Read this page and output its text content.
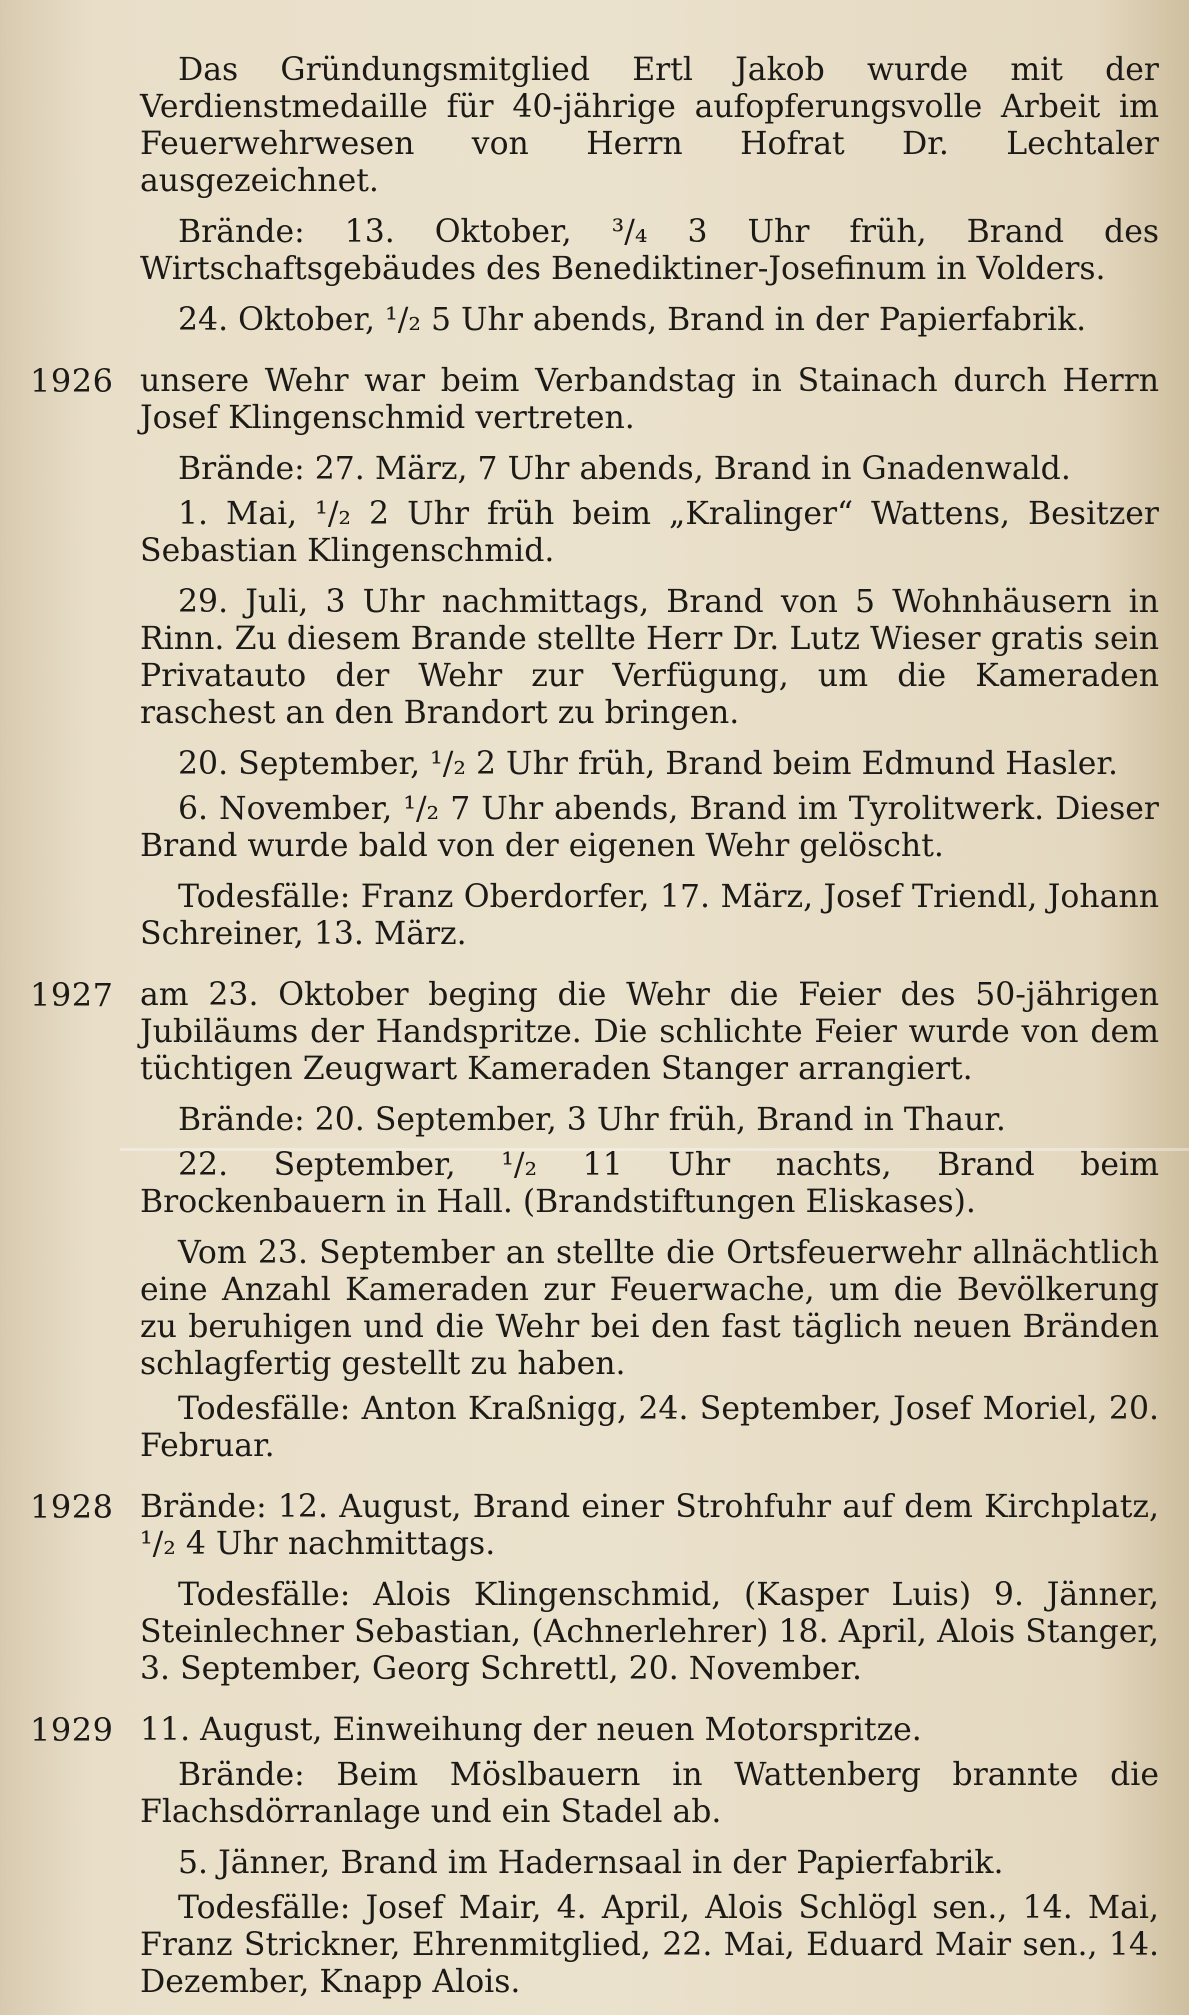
Das Gründungsmitglied Ertl Jakob wurde mit der Verdienstmedaille für 40-jährige aufopferungsvolle Arbeit im Feuerwehrwesen von Herrn Hofrat Dr. Lechtaler ausgezeichnet.

Brände: 13. Oktober, ³/₄ 3 Uhr früh, Brand des Wirtschaftsgebäudes des Benediktiner-Josefinum in Volders.

24. Oktober, ¹/₂ 5 Uhr abends, Brand in der Papierfabrik.

1926 unsere Wehr war beim Verbandstag in Stainach durch Herrn Josef Klingenschmid vertreten.

Brände: 27. März, 7 Uhr abends, Brand in Gnadenwald.

1. Mai, ¹/₂ 2 Uhr früh beim „Kralinger“ Wattens, Besitzer Sebastian Klingenschmid.

29. Juli, 3 Uhr nachmittags, Brand von 5 Wohnhäusern in Rinn. Zu diesem Brande stellte Herr Dr. Lutz Wieser gratis sein Privatauto der Wehr zur Verfügung, um die Kameraden raschest an den Brandort zu bringen.

20. September, ¹/₂ 2 Uhr früh, Brand beim Edmund Hasler.

6. November, ¹/₂ 7 Uhr abends, Brand im Tyrolitwerk. Dieser Brand wurde bald von der eigenen Wehr gelöscht.

Todesfälle: Franz Oberdorfer, 17. März, Josef Triendl, Johann Schreiner, 13. März.

1927 am 23. Oktober beging die Wehr die Feier des 50-jährigen Jubiläums der Handspritze. Die schlichte Feier wurde von dem tüchtigen Zeugwart Kameraden Stanger arrangiert.

Brände: 20. September, 3 Uhr früh, Brand in Thaur.

22. September, ¹/₂ 11 Uhr nachts, Brand beim Brockenbauern in Hall. (Brandstiftungen Eliskases).

Vom 23. September an stellte die Ortsfeuerwehr allnächtlich eine Anzahl Kameraden zur Feuerwache, um die Bevölkerung zu beruhigen und die Wehr bei den fast täglich neuen Bränden schlagfertig gestellt zu haben.

Todesfälle: Anton Kraßnigg, 24. September, Josef Moriel, 20. Februar.

1928 Brände: 12. August, Brand einer Strohfuhr auf dem Kirchplatz, ¹/₂ 4 Uhr nachmittags.

Todesfälle: Alois Klingenschmid, (Kasper Luis) 9. Jänner, Steinlechner Sebastian, (Achnerlehrer) 18. April, Alois Stanger, 3. September, Georg Schrettl, 20. November.

1929 11. August, Einweihung der neuen Motorspritze.

Brände: Beim Möslbauern in Wattenberg brannte die Flachsdörranlage und ein Stadel ab.

5. Jänner, Brand im Hadernsaal in der Papierfabrik.

Todesfälle: Josef Mair, 4. April, Alois Schlögl sen., 14. Mai, Franz Strickner, Ehrenmitglied, 22. Mai, Eduard Mair sen., 14. Dezember, Knapp Alois.
